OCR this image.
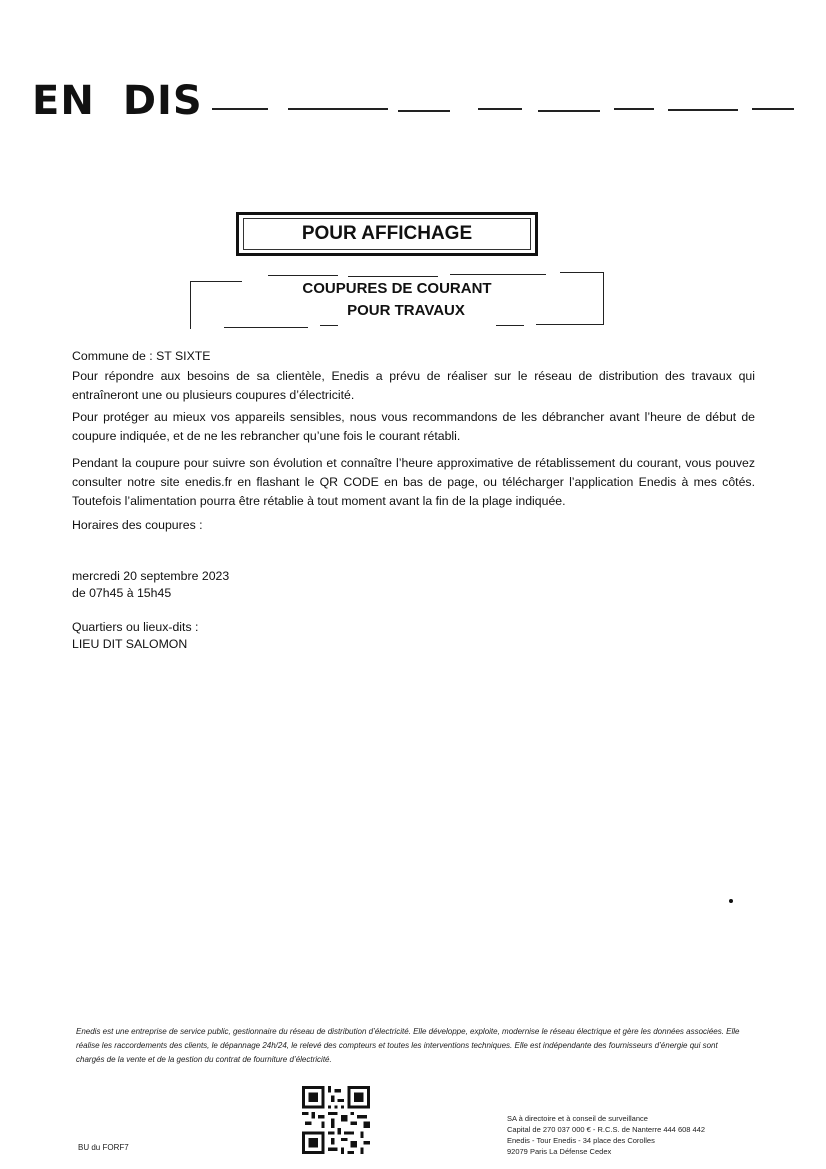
EN DIS
POUR AFFICHAGE
COUPURES DE COURANT

POUR TRAVAUX
Commune de : ST SIXTE
Pour répondre aux besoins de sa clientèle, Enedis a prévu de réaliser sur le réseau de distribution des travaux qui entraîneront une ou plusieurs coupures d’électricité.
Pour protéger au mieux vos appareils sensibles, nous vous recommandons de les débrancher avant l’heure de début de coupure indiquée, et de ne les rebrancher qu’une fois le courant rétabli.
Pendant la coupure pour suivre son évolution et connaître l’heure approximative de rétablissement du courant, vous pouvez consulter notre site enedis.fr en flashant le QR CODE en bas de page, ou télécharger l’application Enedis à mes côtés. Toutefois l’alimentation pourra être rétablie à tout moment avant la fin de la plage indiquée.
Horaires des coupures :
mercredi 20 septembre 2023
de 07h45 à 15h45
Quartiers ou lieux-dits :
LIEU DIT SALOMON
Enedis est une entreprise de service public, gestionnaire du réseau de distribution d’électricité. Elle développe, exploite, modernise le réseau électrique et gère les données associées. Elle réalise les raccordements des clients, le dépannage 24h/24, le relevé des compteurs et toutes les interventions techniques. Elle est indépendante des fournisseurs d’énergie qui sont chargés de la vente et de la gestion du contrat de fourniture d’électricité.
SA à directoire et à conseil de surveillance
Capital de 270 037 000 € - R.C.S. de Nanterre 444 608 442
Enedis - Tour Enedis - 34 place des Corolles
92079 Paris La Défense Cedex
BU du FORF7
